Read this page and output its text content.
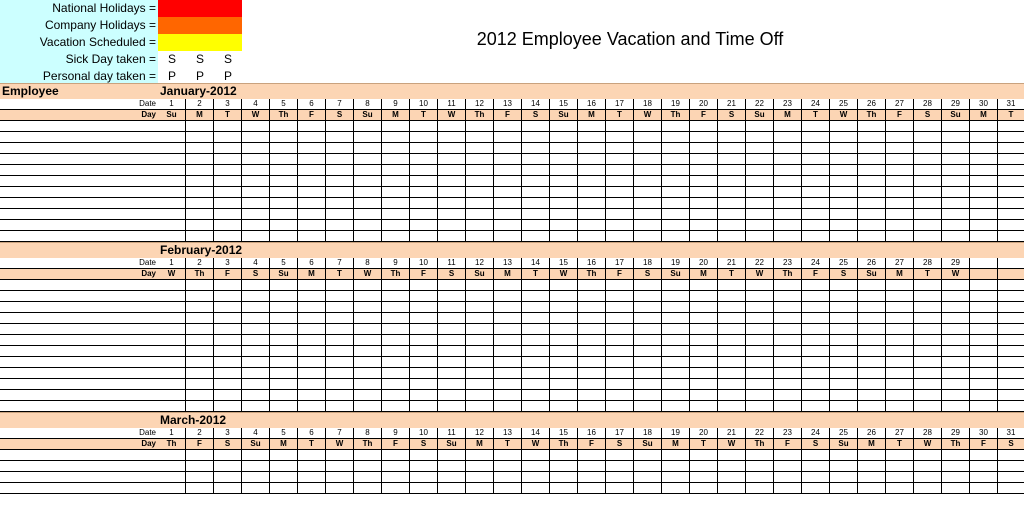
National Holidays =
Company Holidays =
Vacation Scheduled =
Sick Day taken = S	S	S
Personal day taken = P	P	P
2012 Employee Vacation and Time Off
Employee	January-2012
Date	1	2	3	4	5	6	7	8	9	10	11	12	13	14	15	16	17	18	19	20	21	22	23	24	25	26	27	28	29	30	31
Day	Su	M	T	W	Th	F	S	Su	M	T	W	Th	F	S	Su	M	T	W	Th	F	S	Su	M	T	W	Th	F	S	Su	M	T
February-2012
Date	1	2	3	4	5	6	7	8	9	10	11	12	13	14	15	16	17	18	19	20	21	22	23	24	25	26	27	28	29
Day	W	Th	F	S	Su	M	T	W	Th	F	S	Su	M	T	W	Th	F	S	Su	M	T	W	Th	F	S	Su	M	T	W
March-2012
Date	1	2	3	4	5	6	7	8	9	10	11	12	13	14	15	16	17	18	19	20	21	22	23	24	25	26	27	28	29	30	31
Day	Th	F	S	Su	M	T	W	Th	F	S	Su	M	T	W	Th	F	S	Su	M	T	W	Th	F	S	Su	M	T	W	Th	F	S
